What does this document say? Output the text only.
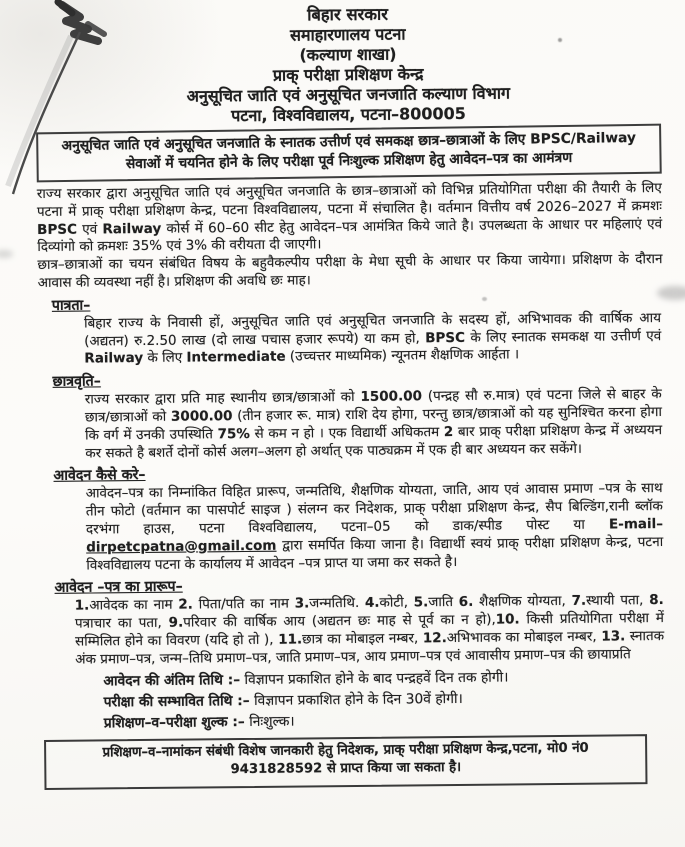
बिहार सरकार
समाहारणालय पटना
(कल्याण शाखा)
प्राक् परीक्षा प्रशिक्षण केन्द्र
अनुसूचित जाति एवं अनुसूचित जनजाति कल्याण विभाग
पटना, विश्वविद्यालय, पटना–800005
अनुसूचित जाति एवं अनुसूचित जनजाति के स्नातक उत्तीर्ण एवं समकक्ष छात्र–छात्राओं के लिए BPSC/Railway सेवाओं में चयनित होने के लिए परीक्षा पूर्व निःशुल्क प्रशिक्षण हेतु आवेदन–पत्र का आमंत्रण

राज्य सरकार द्वारा अनुसूचित जाति एवं अनुसूचित जनजाति के छात्र–छात्राओं को विभिन्न प्रतियोगिता परीक्षा की तैयारी के लिए पटना में प्राक् परीक्षा प्रशिक्षण केन्द्र, पटना विश्वविद्यालय, पटना में संचालित है। वर्तमान वित्तीय वर्ष 2026–2027 में क्रमशः BPSC एवं Railway कोर्स में 60–60 सीट हेतु आवेदन–पत्र आमंत्रित किये जाते है। उपलब्धता के आधार पर महिलाएं एवं दिव्यांगो को क्रमशः 35% एवं 3% की वरीयता दी जाएगी।

छात्र–छात्राओं का चयन संबंधित विषय के बहुवैकल्पीय परीक्षा के मेधा सूची के आधार पर किया जायेगा। प्रशिक्षण के दौरान आवास की व्यवस्था नहीं है। प्रशिक्षण की अवधि छः माह।

पात्रता–

बिहार राज्य के निवासी हों, अनुसूचित जाति एवं अनुसूचित जनजाति के सदस्य हों, अभिभावक की वार्षिक आय (अद्यतन) रु.2.50 लाख (दो लाख पचास हजार रूपये) या कम हो, BPSC के लिए स्नातक समकक्ष या उत्तीर्ण एवं Railway के लिए Intermediate (उच्चत्तर माध्यमिक) न्यूनतम शैक्षणिक आर्हता ।

छात्रवृति–

राज्य सरकार द्वारा प्रति माह स्थानीय छात्र/छात्राओं को 1500.00 (पन्द्रह सौ रु.मात्र) एवं पटना जिले से बाहर के छात्र/छात्राओं को 3000.00 (तीन हजार रू. मात्र) राशि देय होगा, परन्तु छात्र/छात्राओं को यह सुनिश्चित करना होगा कि वर्ग में उनकी उपस्थिति 75% से कम न हो । एक विद्यार्थी अधिकतम 2 बार प्राक् परीक्षा प्रशिक्षण केन्द्र में अध्ययन कर सकते है बशर्ते दोनों कोर्स अलग–अलग हो अर्थात् एक पाठ्यक्रम में एक ही बार अध्ययन कर सकेंगे।

आवेदन कैसे करे–

आवेदन–पत्र का निम्नांकित विहित प्रारूप, जन्मतिथि, शैक्षणिक योग्यता, जाति, आय एवं आवास प्रमाण –पत्र के साथ तीन फोटो (वर्तमान का पासपोर्ट साइज ) संलग्न कर निदेशक, प्राक् परीक्षा प्रशिक्षण केन्द्र, सैप बिल्डिंग,रानी ब्लॉक दरभंगा हाउस, पटना विश्वविद्यालय, पटना–05 को डाक/स्पीड पोस्ट या E-mail–dirpetcpatna@gmail.com द्वारा समर्पित किया जाना है। विद्यार्थी स्वयं प्राक् परीक्षा प्रशिक्षण केन्द्र, पटना विश्वविद्यालय पटना के कार्यालय में आवेदन –पत्र प्राप्त या जमा कर सकते है।

आवेदन –पत्र का प्रारूप–

1.आवेदक का नाम 2. पिता/पति का नाम 3.जन्मतिथि. 4.कोटी, 5.जाति 6. शैक्षणिक योग्यता, 7.स्थायी पता, 8. पत्राचार का पता, 9.परिवार की वार्षिक आय (अद्यतन छः माह से पूर्व का न हो),10. किसी प्रतियोगिता परीक्षा में सम्मिलित होने का विवरण (यदि हो तो ), 11.छात्र का मोबाइल नम्बर, 12.अभिभावक का मोबाइल नम्बर, 13. स्नातक अंक प्रमाण–पत्र, जन्म–तिथि प्रमाण–पत्र, जाति प्रमाण–पत्र, आय प्रमाण–पत्र एवं आवासीय प्रमाण–पत्र की छायाप्रति

आवेदन की अंतिम तिथि :– विज्ञापन प्रकाशित होने के बाद पन्द्रहवें दिन तक होगी।

परीक्षा की सम्भावित तिथि :– विज्ञापन प्रकाशित होने के दिन 30वें होगी।

प्रशिक्षण–व–परीक्षा शुल्क :– निःशुल्क।

प्रशिक्षण–व–नामांकन संबंधी विशेष जानकारी हेतु निदेशक, प्राक् परीक्षा प्रशिक्षण केन्द्र,पटना, मो0 नं0 9431828592 से प्राप्त किया जा सकता है।
